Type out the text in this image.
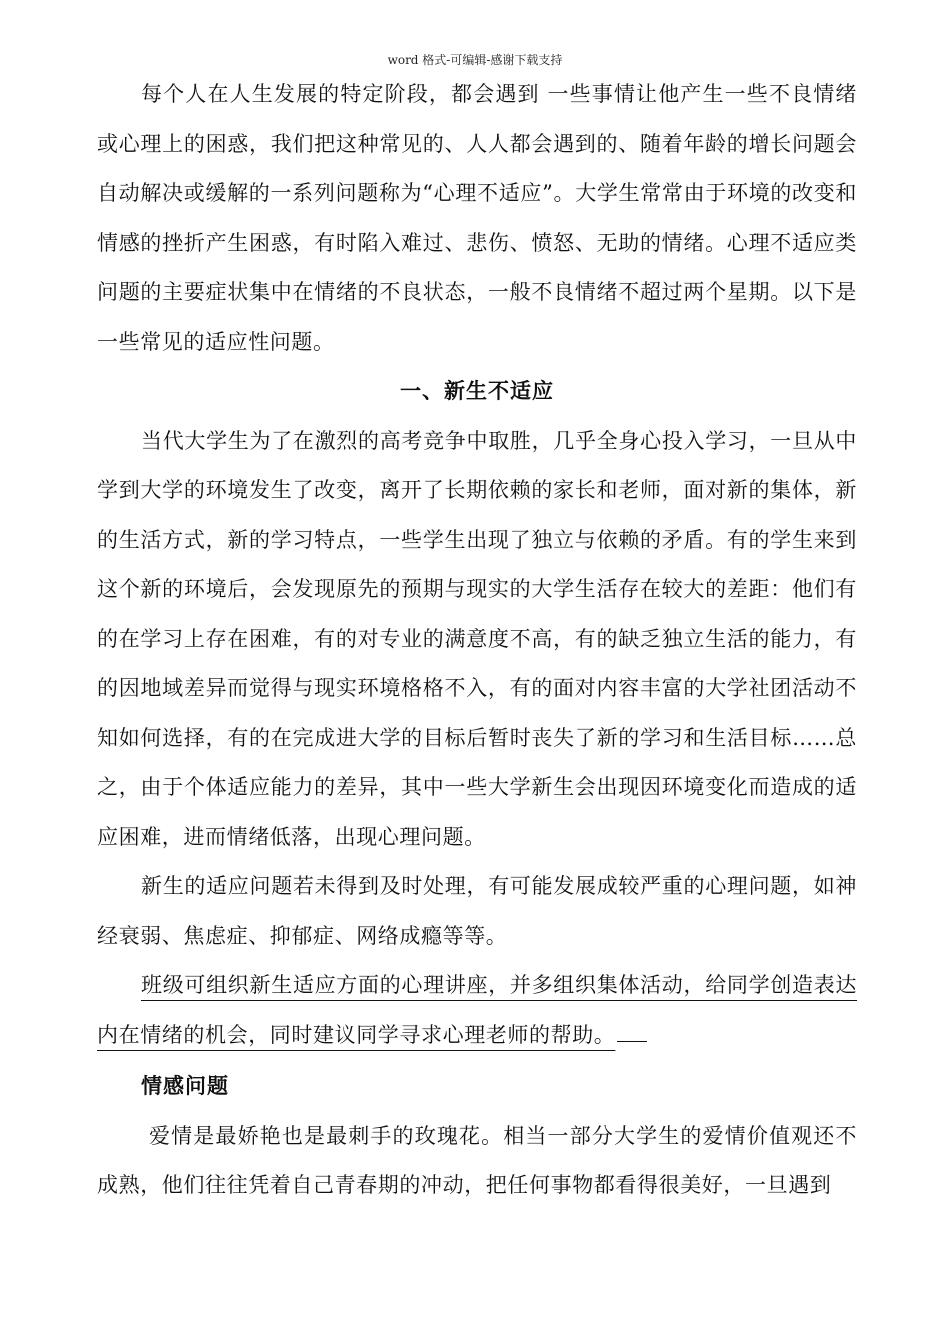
word 格式-可编辑-感谢下载支持

每个人在人生发展的特定阶段，都会遇到 一些事情让他产生一些不良情绪或心理上的困惑，我们把这种常见的、人人都会遇到的、随着年龄的增长问题会自动解决或缓解的一系列问题称为“心理不适应”。大学生常常由于环境的改变和情感的挫折产生困惑，有时陷入难过、悲伤、愤怒、无助的情绪。心理不适应类问题的主要症状集中在情绪的不良状态，一般不良情绪不超过两个星期。以下是一些常见的适应性问题。

一、新生不适应

当代大学生为了在激烈的高考竞争中取胜，几乎全身心投入学习，一旦从中学到大学的环境发生了改变，离开了长期依赖的家长和老师，面对新的集体，新的生活方式，新的学习特点，一些学生出现了独立与依赖的矛盾。有的学生来到这个新的环境后，会发现原先的预期与现实的大学生活存在较大的差距：他们有的在学习上存在困难，有的对专业的满意度不高，有的缺乏独立生活的能力，有的因地域差异而觉得与现实环境格格不入，有的面对内容丰富的大学社团活动不知如何选择，有的在完成进大学的目标后暂时丧失了新的学习和生活目标……总之，由于个体适应能力的差异，其中一些大学新生会出现因环境变化而造成的适应困难，进而情绪低落，出现心理问题。

新生的适应问题若未得到及时处理，有可能发展成较严重的心理问题，如神经衰弱、焦虑症、抑郁症、网络成瘾等等。

班级可组织新生适应方面的心理讲座，并多组织集体活动，给同学创造表达内在情绪的机会，同时建议同学寻求心理老师的帮助。

情感问题

爱情是最娇艳也是最刺手的玫瑰花。相当一部分大学生的爱情价值观还不成熟，他们往往凭着自己青春期的冲动，把任何事物都看得很美好，一旦遇到
